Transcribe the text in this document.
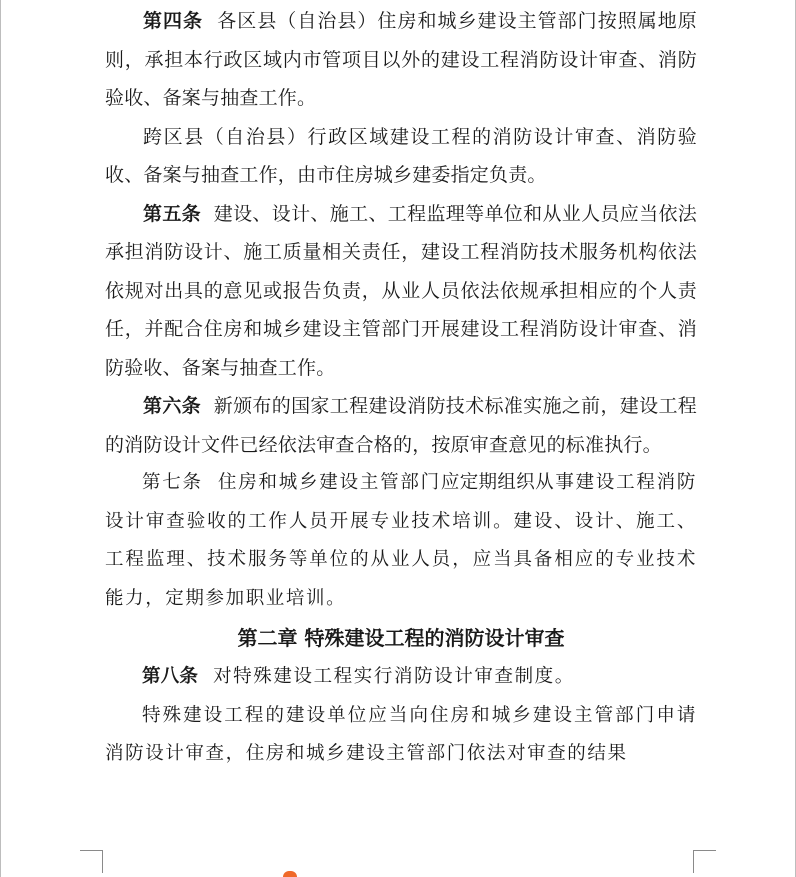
第四条 各区县（自治县）住房和城乡建设主管部门按照属地原则，承担本行政区域内市管项目以外的建设工程消防设计审查、消防验收、备案与抽查工作。

跨区县（自治县）行政区域建设工程的消防设计审查、消防验收、备案与抽查工作，由市住房城乡建委指定负责。

第五条 建设、设计、施工、工程监理等单位和从业人员应当依法承担消防设计、施工质量相关责任，建设工程消防技术服务机构依法依规对出具的意见或报告负责，从业人员依法依规承担相应的个人责任，并配合住房和城乡建设主管部门开展建设工程消防设计审查、消防验收、备案与抽查工作。

第六条 新颁布的国家工程建设消防技术标准实施之前，建设工程的消防设计文件已经依法审查合格的，按原审查意见的标准执行。

第七条 住房和城乡建设主管部门应定期组织从事建设工程消防设计审查验收的工作人员开展专业技术培训。建设、设计、施工、工程监理、技术服务等单位的从业人员，应当具备相应的专业技术能力，定期参加职业培训。

第二章 特殊建设工程的消防设计审查

第八条 对特殊建设工程实行消防设计审查制度。

特殊建设工程的建设单位应当向住房和城乡建设主管部门申请消防设计审查，住房和城乡建设主管部门依法对审查的结果
